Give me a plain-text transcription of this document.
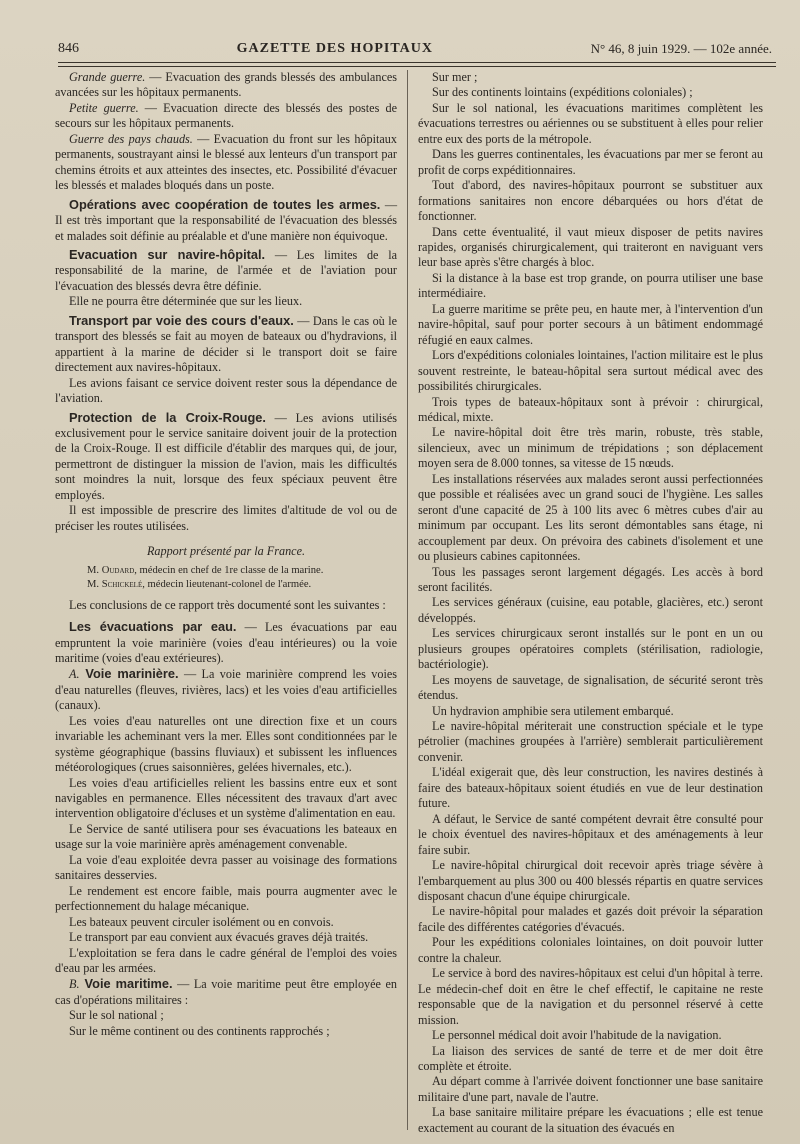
846	GAZETTE DES HOPITAUX	N° 46, 8 juin 1929. — 102e année.

Grande guerre. — Evacuation des grands blessés des ambulances avancées sur les hôpitaux permanents.

Petite guerre. — Evacuation directe des blessés des postes de secours sur les hôpitaux permanents.

Guerre des pays chauds. — Evacuation du front sur les hôpitaux permanents, soustrayant ainsi le blessé aux lenteurs d'un transport par chemins étroits et aux atteintes des insectes, etc. Possibilité d'évacuer les blessés et malades bloqués dans un poste.

Opérations avec coopération de toutes les armes. — Il est très important que la responsabilité de l'évacuation des blessés et malades soit définie au préalable et d'une manière non équivoque.

Evacuation sur navire-hôpital. — Les limites de la responsabilité de la marine, de l'armée et de l'aviation pour l'évacuation des blessés devra être définie.

Elle ne pourra être déterminée que sur les lieux.

Transport par voie des cours d'eaux. — Dans le cas où le transport des blessés se fait au moyen de bateaux ou d'hydravions, il appartient à la marine de décider si le transport doit se faire directement aux navires-hôpitaux.

Les avions faisant ce service doivent rester sous la dépendance de l'aviation.

Protection de la Croix-Rouge. — Les avions utilisés exclusivement pour le service sanitaire doivent jouir de la protection de la Croix-Rouge. Il est difficile d'établir des marques qui, de jour, permettront de distinguer la mission de l'avion, mais les difficultés sont moindres la nuit, lorsque des feux spéciaux peuvent être employés.

Il est impossible de prescrire des limites d'altitude de vol ou de préciser les routes utilisées.

Rapport présenté par la France.

M. Oudard, médecin en chef de 1re classe de la marine.

M. Schickelé, médecin lieutenant-colonel de l'armée.

Les conclusions de ce rapport très documenté sont les suivantes :

Les évacuations par eau. — Les évacuations par eau empruntent la voie marinière (voies d'eau intérieures) ou la voie maritime (voies d'eau extérieures).

A. Voie marinière. — La voie marinière comprend les voies d'eau naturelles (fleuves, rivières, lacs) et les voies d'eau artificielles (canaux).

Les voies d'eau naturelles ont une direction fixe et un cours invariable les acheminant vers la mer. Elles sont conditionnées par le système géographique (bassins fluviaux) et subissent les influences météorologiques (crues saisonnières, gelées hivernales, etc.).

Les voies d'eau artificielles relient les bassins entre eux et sont navigables en permanence. Elles nécessitent des travaux d'art avec intervention obligatoire d'écluses et un système d'alimentation en eau.

Le Service de santé utilisera pour ses évacuations les bateaux en usage sur la voie marinière après aménagement convenable.

La voie d'eau exploitée devra passer au voisinage des formations sanitaires desservies.

Le rendement est encore faible, mais pourra augmenter avec le perfectionnement du halage mécanique.

Les bateaux peuvent circuler isolément ou en convois.

Le transport par eau convient aux évacués graves déjà traités.

L'exploitation se fera dans le cadre général de l'emploi des voies d'eau par les armées.

B. Voie maritime. — La voie maritime peut être employée en cas d'opérations militaires :

Sur le sol national ;

Sur le même continent ou des continents rapprochés ;

Sur mer ;

Sur des continents lointains (expéditions coloniales) ;

Sur le sol national, les évacuations maritimes complètent les évacuations terrestres ou aériennes ou se substituent à elles pour relier entre eux des ports de la métropole.

Dans les guerres continentales, les évacuations par mer se feront au profit de corps expéditionnaires.

Tout d'abord, des navires-hôpitaux pourront se substituer aux formations sanitaires non encore débarquées ou hors d'état de fonctionner.

Dans cette éventualité, il vaut mieux disposer de petits navires rapides, organisés chirurgicalement, qui traiteront en naviguant vers leur base après s'être chargés à bloc.

Si la distance à la base est trop grande, on pourra utiliser une base intermédiaire.

La guerre maritime se prête peu, en haute mer, à l'intervention d'un navire-hôpital, sauf pour porter secours à un bâtiment endommagé réfugié en eaux calmes.

Lors d'expéditions coloniales lointaines, l'action militaire est le plus souvent restreinte, le bateau-hôpital sera surtout médical avec des possibilités chirurgicales.

Trois types de bateaux-hôpitaux sont à prévoir : chirurgical, médical, mixte.

Le navire-hôpital doit être très marin, robuste, très stable, silencieux, avec un minimum de trépidations ; son déplacement moyen sera de 8.000 tonnes, sa vitesse de 15 nœuds.

Les installations réservées aux malades seront aussi perfectionnées que possible et réalisées avec un grand souci de l'hygiène. Les salles seront d'une capacité de 25 à 100 lits avec 6 mètres cubes d'air au minimum par occupant. Les lits seront démontables sans étage, ni accouplement par deux. On prévoira des cabinets d'isolement et une ou plusieurs cabines capitonnées.

Tous les passages seront largement dégagés. Les accès à bord seront facilités.

Les services généraux (cuisine, eau potable, glacières, etc.) seront développés.

Les services chirurgicaux seront installés sur le pont en un ou plusieurs groupes opératoires complets (stérilisation, radiologie, bactériologie).

Les moyens de sauvetage, de signalisation, de sécurité seront très étendus.

Un hydravion amphibie sera utilement embarqué.

Le navire-hôpital mériterait une construction spéciale et le type pétrolier (machines groupées à l'arrière) semblerait particulièrement convenir.

L'idéal exigerait que, dès leur construction, les navires destinés à faire des bateaux-hôpitaux soient étudiés en vue de leur destination future.

A défaut, le Service de santé compétent devrait être consulté pour le choix éventuel des navires-hôpitaux et des aménagements à leur faire subir.

Le navire-hôpital chirurgical doit recevoir après triage sévère à l'embarquement au plus 300 ou 400 blessés répartis en quatre services disposant chacun d'une équipe chirurgicale.

Le navire-hôpital pour malades et gazés doit prévoir la séparation facile des différentes catégories d'évacués.

Pour les expéditions coloniales lointaines, on doit pouvoir lutter contre la chaleur.

Le service à bord des navires-hôpitaux est celui d'un hôpital à terre. Le médecin-chef doit en être le chef effectif, le capitaine ne reste responsable que de la navigation et du personnel réservé à cette mission.

Le personnel médical doit avoir l'habitude de la navigation.

La liaison des services de santé de terre et de mer doit être complète et étroite.

Au départ comme à l'arrivée doivent fonctionner une base sanitaire militaire d'une part, navale de l'autre.

La base sanitaire militaire prépare les évacuations ; elle est tenue exactement au courant de la situation des évacués en
